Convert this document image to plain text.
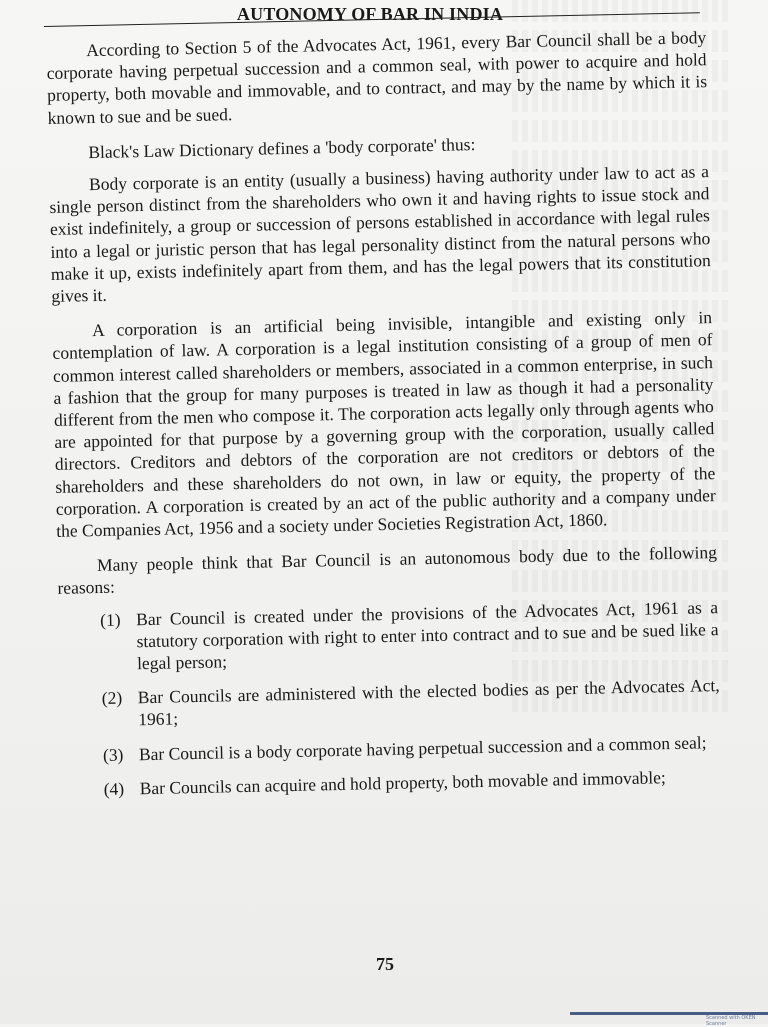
AUTONOMY OF BAR IN INDIA

According to Section 5 of the Advocates Act, 1961, every Bar Council shall be a body corporate having perpetual succession and a common seal, with power to acquire and hold property, both movable and immovable, and to contract, and may by the name by which it is known to sue and be sued.

Black's Law Dictionary defines a 'body corporate' thus:

Body corporate is an entity (usually a business) having authority under law to act as a single person distinct from the shareholders who own it and having rights to issue stock and exist indefinitely, a group or succession of persons established in accordance with legal rules into a legal or juristic person that has legal personality distinct from the natural persons who make it up, exists indefinitely apart from them, and has the legal powers that its constitution gives it.

A corporation is an artificial being invisible, intangible and existing only in contemplation of law. A corporation is a legal institution consisting of a group of men of common interest called shareholders or members, associated in a common enterprise, in such a fashion that the group for many purposes is treated in law as though it had a personality different from the men who compose it. The corporation acts legally only through agents who are appointed for that purpose by a governing group with the corporation, usually called directors. Creditors and debtors of the corporation are not creditors or debtors of the shareholders and these shareholders do not own, in law or equity, the property of the corporation. A corporation is created by an act of the public authority and a company under the Companies Act, 1956 and a society under Societies Registration Act, 1860.

Many people think that Bar Council is an autonomous body due to the following reasons:

(1) Bar Council is created under the provisions of the Advocates Act, 1961 as a statutory corporation with right to enter into contract and to sue and be sued like a legal person;
(2) Bar Councils are administered with the elected bodies as per the Advocates Act, 1961;
(3) Bar Council is a body corporate having perpetual succession and a common seal;
(4) Bar Councils can acquire and hold property, both movable and immovable;
75
Scanned with OKEN Scanner
